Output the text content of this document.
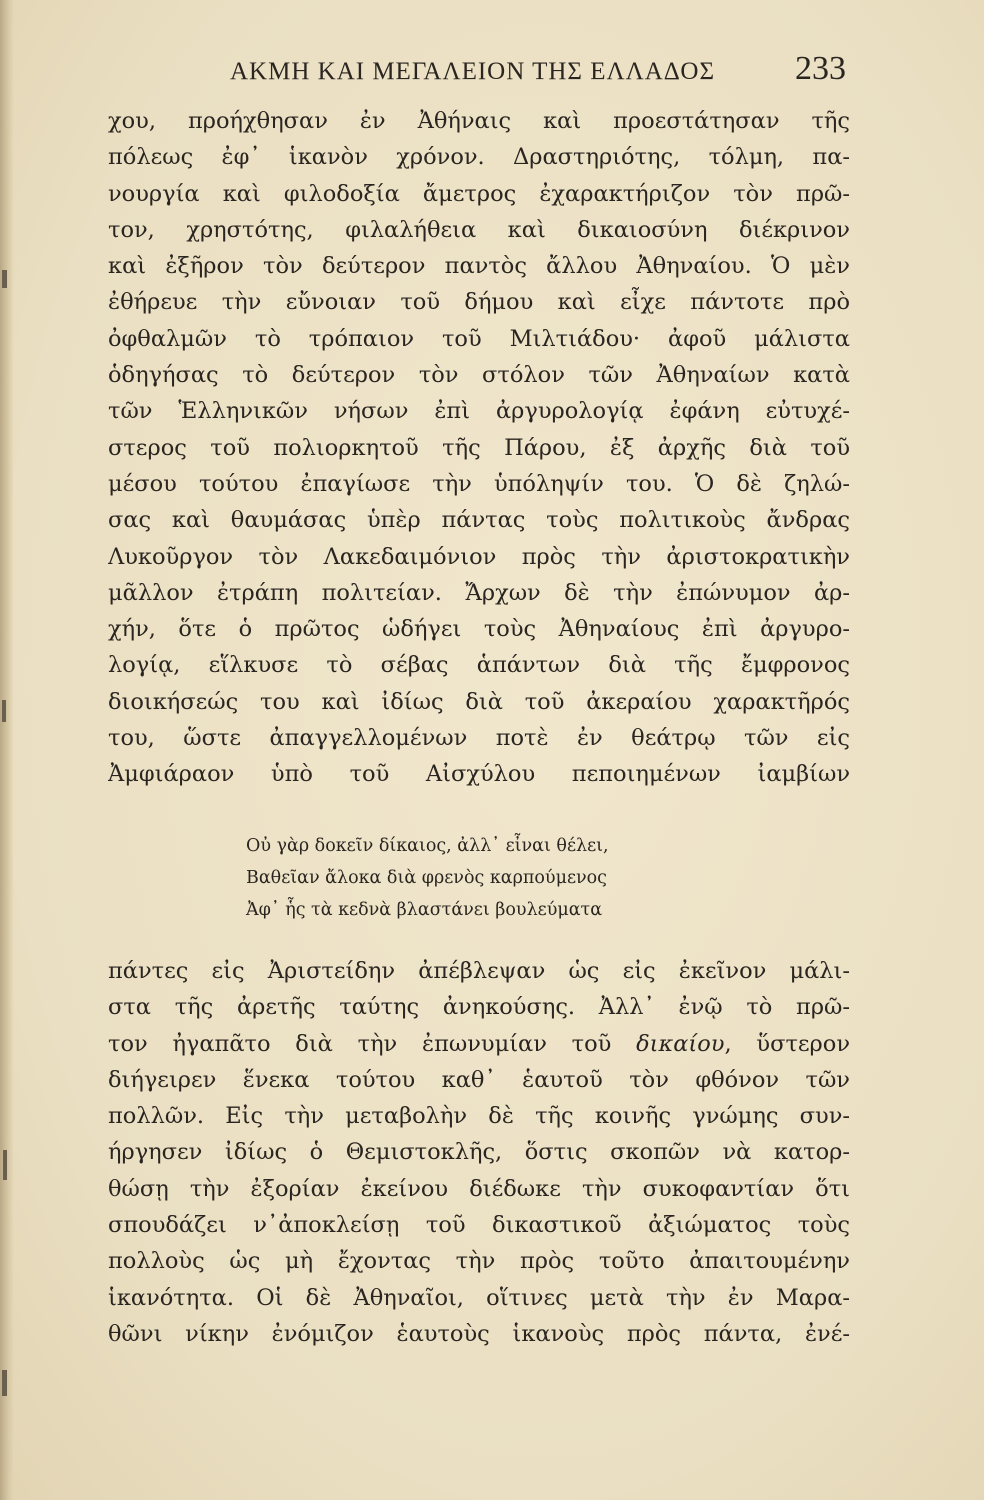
ΑΚΜΗ ΚΑΙ ΜΕΓΑΛΕΙΟΝ ΤΗΣ ΕΛΛΑΔΟΣ 233
χου, προήχθησαν ἐν Ἀθήναις καὶ προεστάτησαν τῆς
πόλεως ἐφ᾽ ἱκανὸν χρόνον. Δραστηριότης, τόλμη, πα-
νουργία καὶ φιλοδοξία ἄμετρος ἐχαρακτήριζον τὸν πρῶ-
τον, χρηστότης, φιλαλήθεια καὶ δικαιοσύνη διέκρινον
καὶ ἐξῆρον τὸν δεύτερον παντὸς ἄλλου Ἀθηναίου. Ὁ μὲν
ἐθήρευε τὴν εὔνοιαν τοῦ δήμου καὶ εἶχε πάντοτε πρὸ
ὀφθαλμῶν τὸ τρόπαιον τοῦ Μιλτιάδου· ἀφοῦ μάλιστα
ὁδηγήσας τὸ δεύτερον τὸν στόλον τῶν Ἀθηναίων κατὰ
τῶν Ἑλληνικῶν νήσων ἐπὶ ἀργυρολογίᾳ ἐφάνη εὐτυχέ-
στερος τοῦ πολιορκητοῦ τῆς Πάρου, ἐξ ἀρχῆς διὰ τοῦ
μέσου τούτου ἐπαγίωσε τὴν ὑπόληψίν του. Ὁ δὲ ζηλώ-
σας καὶ θαυμάσας ὑπὲρ πάντας τοὺς πολιτικοὺς ἄνδρας
Λυκοῦργον τὸν Λακεδαιμόνιον πρὸς τὴν ἀριστοκρατικὴν
μᾶλλον ἐτράπη πολιτείαν. Ἄρχων δὲ τὴν ἐπώνυμον ἀρ-
χήν, ὅτε ὁ πρῶτος ὡδήγει τοὺς Ἀθηναίους ἐπὶ ἀργυρο-
λογίᾳ, εἵλκυσε τὸ σέβας ἁπάντων διὰ τῆς ἔμφρονος
διοικήσεώς του καὶ ἰδίως διὰ τοῦ ἀκεραίου χαρακτῆρός
του, ὥστε ἀπαγγελλομένων ποτὲ ἐν θεάτρῳ τῶν εἰς
Ἀμφιάραον ὑπὸ τοῦ Αἰσχύλου πεποιημένων ἰαμβίων
Οὐ γὰρ δοκεῖν δίκαιος, ἀλλ᾽ εἶναι θέλει,
Βαθεῖαν ἄλοκα διὰ φρενὸς καρπούμενος
Ἀφ᾽ ἧς τὰ κεδνὰ βλαστάνει βουλεύματα
πάντες εἰς Ἀριστείδην ἀπέβλεψαν ὡς εἰς ἐκεῖνον μάλι-
στα τῆς ἀρετῆς ταύτης ἀνηκούσης. Ἀλλ᾽ ἐνῷ τὸ πρῶ-
τον ἠγαπᾶτο διὰ τὴν ἐπωνυμίαν τοῦ δικαίου, ὕστερον
διήγειρεν ἕνεκα τούτου καθ᾽ ἑαυτοῦ τὸν φθόνον τῶν
πολλῶν. Εἰς τὴν μεταβολὴν δὲ τῆς κοινῆς γνώμης συν-
ήργησεν ἰδίως ὁ Θεμιστοκλῆς, ὅστις σκοπῶν νὰ κατορ-
θώσῃ τὴν ἐξορίαν ἐκείνου διέδωκε τὴν συκοφαντίαν ὅτι
σπουδάζει ν᾽ἀποκλείσῃ τοῦ δικαστικοῦ ἀξιώματος τοὺς
πολλοὺς ὡς μὴ ἔχοντας τὴν πρὸς τοῦτο ἀπαιτουμένην
ἱκανότητα. Οἱ δὲ Ἀθηναῖοι, οἵτινες μετὰ τὴν ἐν Μαρα-
θῶνι νίκην ἐνόμιζον ἑαυτοὺς ἱκανοὺς πρὸς πάντα, ἐνέ-
